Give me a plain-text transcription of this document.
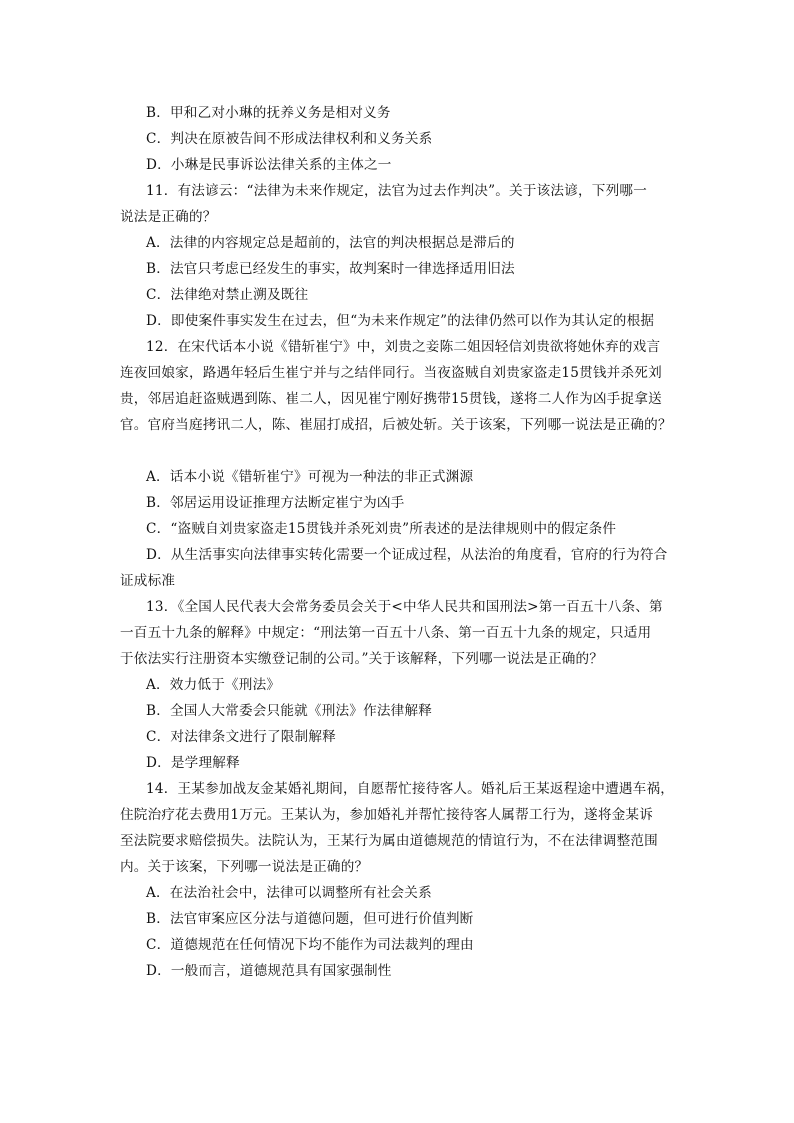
B．甲和乙对小琳的抚养义务是相对义务
C．判决在原被告间不形成法律权利和义务关系
D．小琳是民事诉讼法律关系的主体之一
11．有法谚云：“法律为未来作规定，法官为过去作判决”。关于该法谚，下列哪一
说法是正确的？
A．法律的内容规定总是超前的，法官的判决根据总是滞后的
B．法官只考虑已经发生的事实，故判案时一律选择适用旧法
C．法律绝对禁止溯及既往
D．即使案件事实发生在过去，但“为未来作规定”的法律仍然可以作为其认定的根据
12．在宋代话本小说《错斩崔宁》中，刘贵之妾陈二姐因轻信刘贵欲将她休弃的戏言
连夜回娘家，路遇年轻后生崔宁并与之结伴同行。当夜盗贼自刘贵家盗走15贯钱并杀死刘
贵，邻居追赶盗贼遇到陈、崔二人，因见崔宁刚好携带15贯钱，遂将二人作为凶手捉拿送
官。官府当庭拷讯二人，陈、崔屈打成招，后被处斩。关于该案，下列哪一说法是正确的？
A．话本小说《错斩崔宁》可视为一种法的非正式渊源
B．邻居运用设证推理方法断定崔宁为凶手
C．“盗贼自刘贵家盗走15贯钱并杀死刘贵”所表述的是法律规则中的假定条件
D．从生活事实向法律事实转化需要一个证成过程，从法治的角度看，官府的行为符合
证成标准
13．《全国人民代表大会常务委员会关于<中华人民共和国刑法>第一百五十八条、第
一百五十九条的解释》中规定：“刑法第一百五十八条、第一百五十九条的规定，只适用
于依法实行注册资本实缴登记制的公司。”关于该解释，下列哪一说法是正确的？
A．效力低于《刑法》
B．全国人大常委会只能就《刑法》作法律解释
C．对法律条文进行了限制解释
D．是学理解释
14．王某参加战友金某婚礼期间，自愿帮忙接待客人。婚礼后王某返程途中遭遇车祸，
住院治疗花去费用1万元。王某认为，参加婚礼并帮忙接待客人属帮工行为，遂将金某诉
至法院要求赔偿损失。法院认为，王某行为属由道德规范的情谊行为，不在法律调整范围
内。关于该案，下列哪一说法是正确的？
A．在法治社会中，法律可以调整所有社会关系
B．法官审案应区分法与道德问题，但可进行价值判断
C．道德规范在任何情况下均不能作为司法裁判的理由
D．一般而言，道德规范具有国家强制性
